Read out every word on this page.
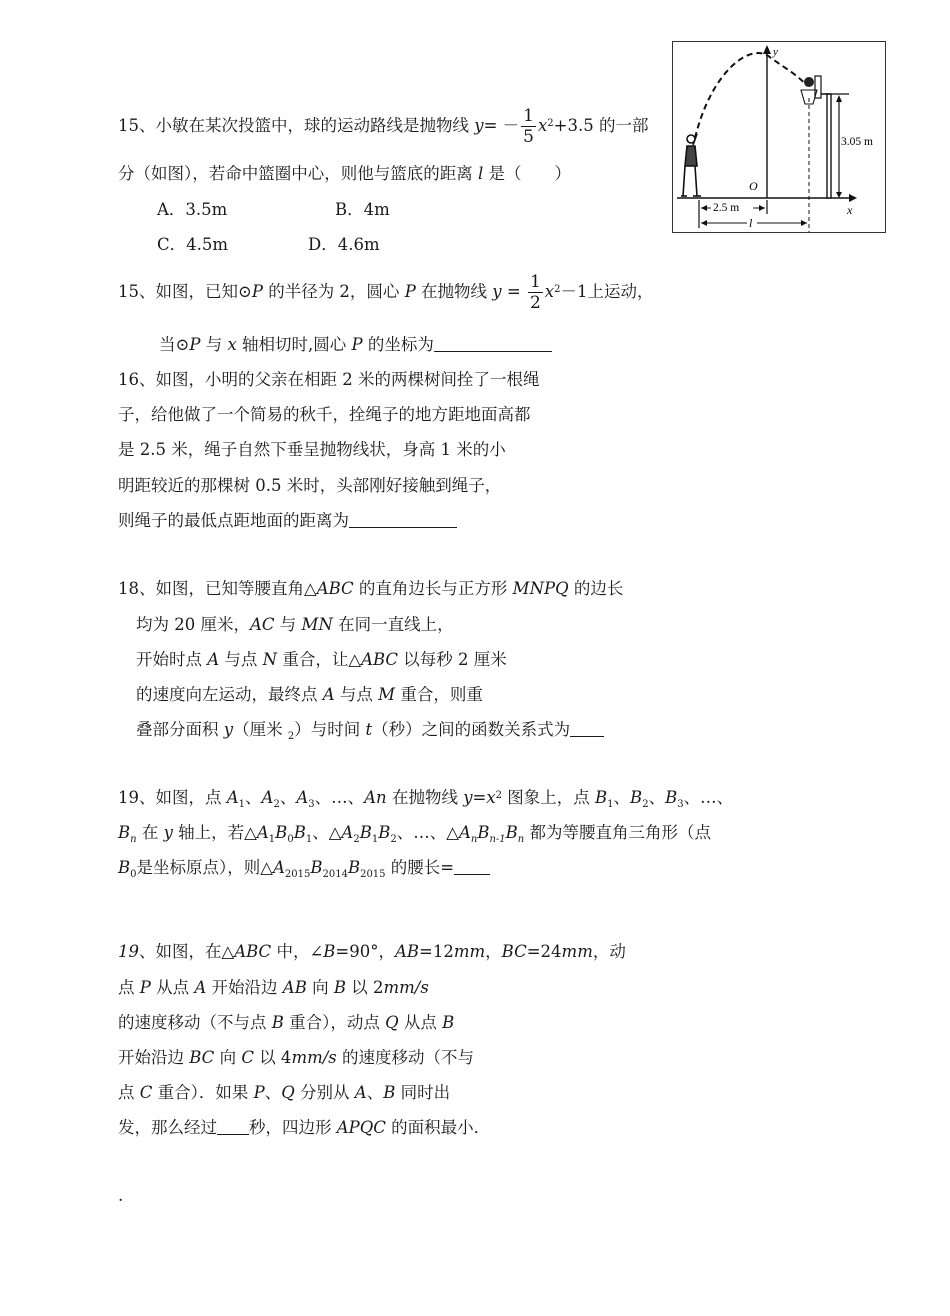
15、小敏在某次投篮中，球的运动路线是抛物线 $y= - \frac{1}{5} x^2+3.5$ 的一部
分（如图），若命中篮圈中心，则他与篮底的距离 l 是（　　）
A．3.5m	B．4m
C．4.5m	D．4.6m
y
x
O
3.05 m
2.5 m
l
15、如图，已知⊙P 的半径为 2，圆心 P 在抛物线 $y = \frac{1}{2} x^2-1$上运动，
当⊙P 与 x 轴相切时,圆心 P 的坐标为
16、如图，小明的父亲在相距 2 米的两棵树间拴了一根绳
子，给他做了一个简易的秋千，拴绳子的地方距地面高都
是 2.5 米，绳子自然下垂呈抛物线状，身高 1 米的小
明距较近的那棵树 0.5 米时，头部刚好接触到绳子，
则绳子的最低点距地面的距离为
18、如图，已知等腰直角△ABC 的直角边长与正方形 MNPQ 的边长
均为 20 厘米，AC 与 MN 在同一直线上，
开始时点 A 与点 N 重合，让△ABC 以每秒 2 厘米
的速度向左运动，最终点 A 与点 M 重合，则重
叠部分面积 y（厘米 $_2$）与时间 t（秒）之间的函数关系式为
19、如图，点 $A_1$、$A_2$、$A_3$、…、An 在抛物线 $y=x^2$ 图象上，点 $B_1$、$B_2$、$B_3$、…、
$B_n$ 在 y 轴上，若$\triangle A_1B_0B_1$、$\triangle A_2B_1B_2$、…、$\triangle A_nB_{n-1}B_n$ 都为等腰直角三角形（点
$B_0$是坐标原点），则$\triangle A_{2015}B_{2014}B_{2015}$ 的腰长=
19、如图，在△ABC 中，∠B=90°，AB=12mm，BC=24mm，动
点 P 从点 A 开始沿边 AB 向 B 以 2mm/s
的速度移动（不与点 B 重合），动点 Q 从点 B
开始沿边 BC 向 C 以 4mm/s 的速度移动（不与
点 C 重合）．如果 P、Q 分别从 A、B 同时出
发，那么经过 秒，四边形 APQC 的面积最小．
.
